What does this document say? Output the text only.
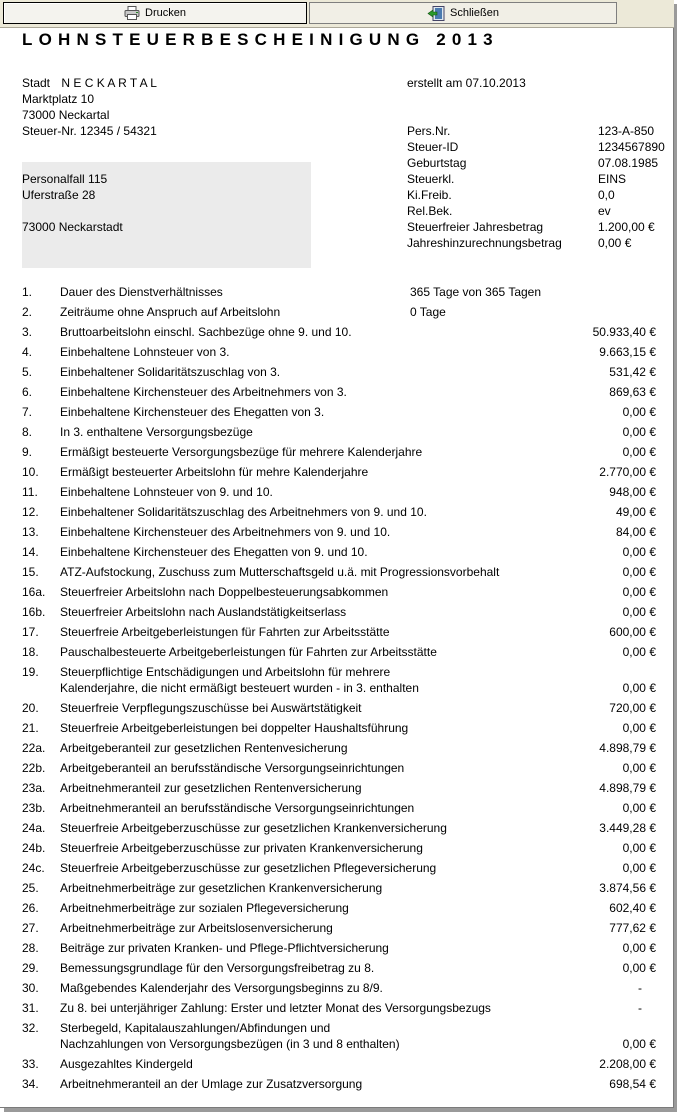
Drucken	Schließen
LOHNSTEUERBESCHEINIGUNG 2013
Stadt N E C K A R T A L
Marktplatz 10
73000 Neckartal
Steuer-Nr. 12345 / 54321
erstellt am 07.10.2013
Personalfall 115
Uferstraße 28
73000 Neckarstadt
Pers.Nr.	123-A-850
Steuer-ID	1234567890
Geburtstag	07.08.1985
Steuerkl.	EINS
Ki.Freib.	0,0
Rel.Bek.	ev
Steuerfreier Jahresbetrag	1.200,00 €
Jahreshinzurechnungsbetrag	0,00 €
1. Dauer des Dienstverhältnisses	365 Tage von 365 Tagen
2. Zeiträume ohne Anspruch auf Arbeitslohn	0 Tage
3. Bruttoarbeitslohn einschl. Sachbezüge ohne 9. und 10.	50.933,40 €
4. Einbehaltene Lohnsteuer von 3.	9.663,15 €
5. Einbehaltener Solidaritätszuschlag von 3.	531,42 €
6. Einbehaltene Kirchensteuer des Arbeitnehmers von 3.	869,63 €
7. Einbehaltene Kirchensteuer des Ehegatten von 3.	0,00 €
8. In 3. enthaltene Versorgungsbezüge	0,00 €
9. Ermäßigt besteuerte Versorgungsbezüge für mehrere Kalenderjahre	0,00 €
10. Ermäßigt besteuerter Arbeitslohn für mehre Kalenderjahre	2.770,00 €
11. Einbehaltene Lohnsteuer von 9. und 10.	948,00 €
12. Einbehaltener Solidaritätszuschlag des Arbeitnehmers von 9. und 10.	49,00 €
13. Einbehaltene Kirchensteuer des Arbeitnehmers von 9. und 10.	84,00 €
14. Einbehaltene Kirchensteuer des Ehegatten von 9. und 10.	0,00 €
15. ATZ-Aufstockung, Zuschuss zum Mutterschaftsgeld u.ä. mit Progressionsvorbehalt	0,00 €
16a. Steuerfreier Arbeitslohn nach Doppelbesteuerungsabkommen	0,00 €
16b. Steuerfreier Arbeitslohn nach Auslandstätigkeitserlass	0,00 €
17. Steuerfreie Arbeitgeberleistungen für Fahrten zur Arbeitsstätte	600,00 €
18. Pauschalbesteuerte Arbeitgeberleistungen für Fahrten zur Arbeitsstätte	0,00 €
19. Steuerpflichtige Entschädigungen und Arbeitslohn für mehrere
Kalenderjahre, die nicht ermäßigt besteuert wurden - in 3. enthalten	0,00 €
20. Steuerfreie Verpflegungszuschüsse bei Auswärtstätigkeit	720,00 €
21. Steuerfreie Arbeitgeberleistungen bei doppelter Haushaltsführung	0,00 €
22a. Arbeitgeberanteil zur gesetzlichen Rentenvesicherung	4.898,79 €
22b. Arbeitgeberanteil an berufsständische Versorgungseinrichtungen	0,00 €
23a. Arbeitnehmeranteil zur gesetzlichen Rentenversicherung	4.898,79 €
23b. Arbeitnehmeranteil an berufsständische Versorgungseinrichtungen	0,00 €
24a. Steuerfreie Arbeitgeberzuschüsse zur gesetzlichen Krankenversicherung	3.449,28 €
24b. Steuerfreie Arbeitgeberzuschüsse zur privaten Krankenversicherung	0,00 €
24c. Steuerfreie Arbeitgeberzuschüsse zur gesetzlichen Pflegeversicherung	0,00 €
25. Arbeitnehmerbeiträge zur gesetzlichen Krankenversicherung	3.874,56 €
26. Arbeitnehmerbeiträge zur sozialen Pflegeversicherung	602,40 €
27. Arbeitnehmerbeiträge zur Arbeitslosenversicherung	777,62 €
28. Beiträge zur privaten Kranken- und Pflege-Pflichtversicherung	0,00 €
29. Bemessungsgrundlage für den Versorgungsfreibetrag zu 8.	0,00 €
30. Maßgebendes Kalenderjahr des Versorgungsbeginns zu 8/9.	-
31. Zu 8. bei unterjähriger Zahlung: Erster und letzter Monat des Versorgungsbezugs	-
32. Sterbegeld, Kapitalauszahlungen/Abfindungen und
Nachzahlungen von Versorgungsbezügen (in 3 und 8 enthalten)	0,00 €
33. Ausgezahltes Kindergeld	2.208,00 €
34. Arbeitnehmeranteil an der Umlage zur Zusatzversorgung	698,54 €
